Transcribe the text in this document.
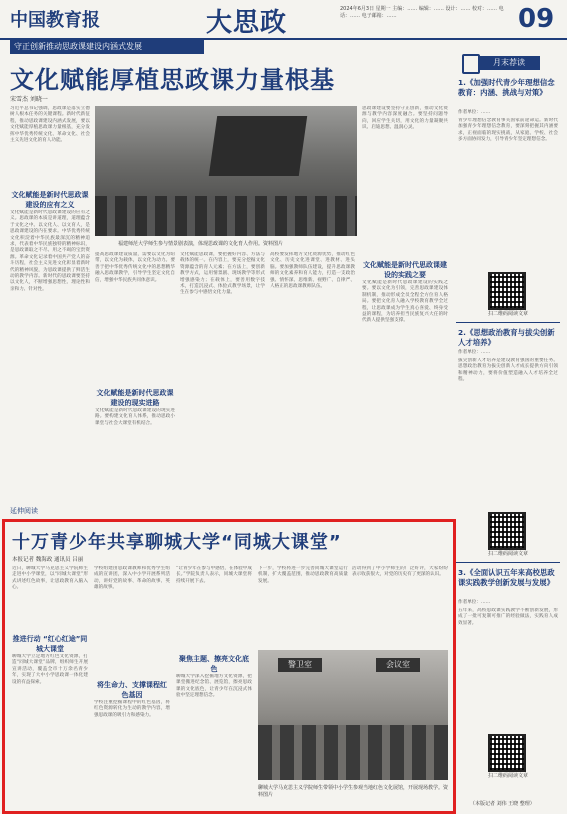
中国教育报	大思政	2024年6月3日 星期一 主编：…… 编辑：…… 设计：…… 校对：…… 电话：…… 电子邮箱：……	09
守正创新推动思政课建设内涵式发展
文化赋能厚植思政课力量根基
宋雪杰 刘晓一
习近平总书记强调，思政课是落实立德树人根本任务的关键课程。新时代新征程，推动思政课建设内涵式发展，要以文化赋能厚植思政课力量根基，充分发挥中华优秀传统文化、革命文化、社会主义先进文化的育人功能。
文化赋能是新时代思政课建设的应有之义
文化赋能是新时代思政课建设的应有之义。思政课的本质是讲道理，道理蕴含于文化之中。以文化人、以文育人，是思政课建设的内在要求。中华优秀传统文化积淀着中华民族最深沉的精神追求，代表着中华民族独特的精神标识，是思政课取之不尽、用之不竭的宝贵资源。革命文化记录着中国共产党人的奋斗历程，社会主义先进文化彰显着新时代的精神风貌，为思政课提供了鲜活生动的教学内容。新时代的思政课要坚持以文化人，不断增强思想性、理论性和亲和力、针对性。
福建师范大学师生参与情景剧表演，体现思政课的文化育人作用。资料图片
提高思政课建设质量，需要以文化为纽带，以文化为载体，以文化为动力。要善于把中华优秀传统文化中的思想精华融入思政课教学，引导学生坚定文化自信，增强中华民族共同体意识。
文化赋能是新时代思政课建设的现实进路
文化赋能是新时代思政课建设的现实进路。要构建文化育人体系，推动思政小课堂与社会大课堂有机结合。
文化赋能思政课，要把握好内容、方法与载体的统一。在内容上，要充分挖掘文化资源蕴含的育人元素；在方法上，要创新教学方式，运用情景剧、现场教学等形式增强感染力；在载体上，要善用数字技术，打造沉浸式、体验式教学场景，让学生在参与中感悟文化力量。
高校要发挥地方文化资源优势，推动红色文化、历史文化进课堂、进教材、进头脑。要加强教师队伍建设，提升思政课教师的文化素养和育人能力，打造一支政治强、情怀深、思维新、视野广、自律严、人格正的思政课教师队伍。
思政课建设要坚持守正创新，推动文化资源与教学内容深度融合。要坚持问题导向，回应学生关切，用文化的力量凝聚共识、启迪思想、温润心灵。
文化赋能是新时代思政课建设的实践之要
文化赋能是新时代思政课建设的实践之要。要以文化为引领，完善思政课建设体制机制，推动形成全员全程全方位育人格局。要把文化育人融入学校教育教学全过程，让思政课成为学生真心喜爱、终身受益的课程，为培养担当民族复兴大任的时代新人提供坚强支撑。
月末荐读
1.《加强时代青少年理想信念教育：内涵、挑战与对策》
作者单位：……
青少年理想信念教育事关国家前途命运。新时代加强青少年理想信念教育，要深刻把握其内涵要求，正视面临的现实挑战，从家庭、学校、社会多方面协同发力，引导青少年坚定理想信念。
扫二维码阅读文章
2.《思想政治教育与拔尖创新人才培养》
作者单位：……
拔尖创新人才培养是建设教育强国的重要任务。思想政治教育为拔尖创新人才成长提供方向引领和精神动力，要将价值塑造融入人才培养全过程。
扫二维码阅读文章
3.《全面认识五年来高校思政课实践教学创新发展与发展》
作者单位：……
五年来，高校思政课实践教学不断创新发展，形成了一批可复制可推广的经验做法，实践育人成效显著。
扫二维码阅读文章
（本版记者 刘伟 王晓 整理）
延伸阅读
十万青少年共享聊城大学“同城大课堂”
本报记者 魏海政 通讯员 吕丽
近日，聊城大学马克思主义学院师生走进中小学课堂，以“同城大课堂”形式讲述红色故事，让思政教育入脑入心。
推进行动 “红心红途”同城大课堂
聊城大学立足地方红色文化资源，打造“同城大课堂”品牌，组织师生开展宣讲活动，覆盖全市十万余名青少年，实现了大中小学思政课一体化建设的有益探索。
学校组建由思政课教师和优秀学生组成的宣讲团，深入中小学开展系列活动，讲好党的故事、革命的故事、英雄的故事。
将生命力、支撑课程红色基因
学校注重挖掘课程中的红色基因，将红色资源转化为生动的教学内容，增强思政课的吸引力和感染力。
“让青少年在参与中感悟，在体验中成长。”学院负责人表示，同城大课堂将持续开展下去。
聚焦主题、擦亮文化底色
聊城大学深入挖掘地方文化资源，把课堂搬进纪念馆、展览馆，擦亮思政课的文化底色，让青少年在沉浸式体验中坚定理想信念。
下一步，学校将进一步完善同城大课堂运行机制，扩大覆盖范围，推动思政教育高质量发展。
活动得到了中小学师生的广泛好评，大家纷纷表示收获很大，对党的历史有了更深的认识。
警卫室	会议室
聊城大学马克思主义学院师生带领中小学生参观当地红色文化展馆，开展现场教学。资料图片
